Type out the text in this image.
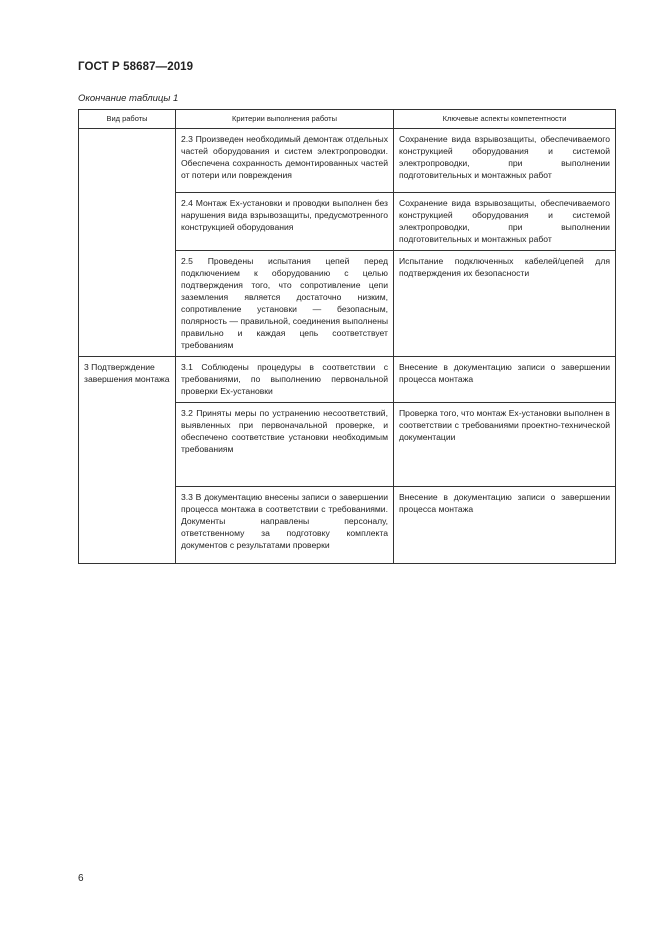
ГОСТ Р 58687—2019
Окончание таблицы 1
Вид работы	Критерии выполнения работы	Ключевые аспекты компетентности
	2.3 Произведен необходимый демонтаж отдельных частей оборудования и систем электропроводки. Обеспечена сохранность демонтированных частей от потери или повреждения	Сохранение вида взрывозащиты, обеспечиваемого конструкцией оборудования и системой электропроводки, при выполнении подготовительных и монтажных работ
	2.4 Монтаж Ex-установки и проводки выполнен без нарушения вида взрывозащиты, предусмотренного конструкцией оборудования	Сохранение вида взрывозащиты, обеспечиваемого конструкцией оборудования и системой электропроводки, при выполнении подготовительных и монтажных работ
	2.5 Проведены испытания цепей перед подключением к оборудованию с целью подтверждения того, что сопротивление цепи заземления является достаточно низким, сопротивление установки — безопасным, полярность — правильной, соединения выполнены правильно и каждая цепь соответствует требованиям	Испытание подключенных кабелей/цепей для подтверждения их безопасности
3 Подтверждение завершения монтажа	3.1 Соблюдены процедуры в соответствии с требованиями, по выполнению первональной проверки Ex-установки	Внесение в документацию записи о завершении процесса монтажа
	3.2 Приняты меры по устранению несоответствий, выявленных при первоначальной проверке, и обеспечено соответствие установки необходимым требованиям	Проверка того, что монтаж Ex-установки выполнен в соответствии с требованиями проектно-технической документации
	3.3 В документацию внесены записи о завершении процесса монтажа в соответствии с требованиями. Документы направлены персоналу, ответственному за подготовку комплекта документов с результатами проверки	Внесение в документацию записи о завершении процесса монтажа
6
